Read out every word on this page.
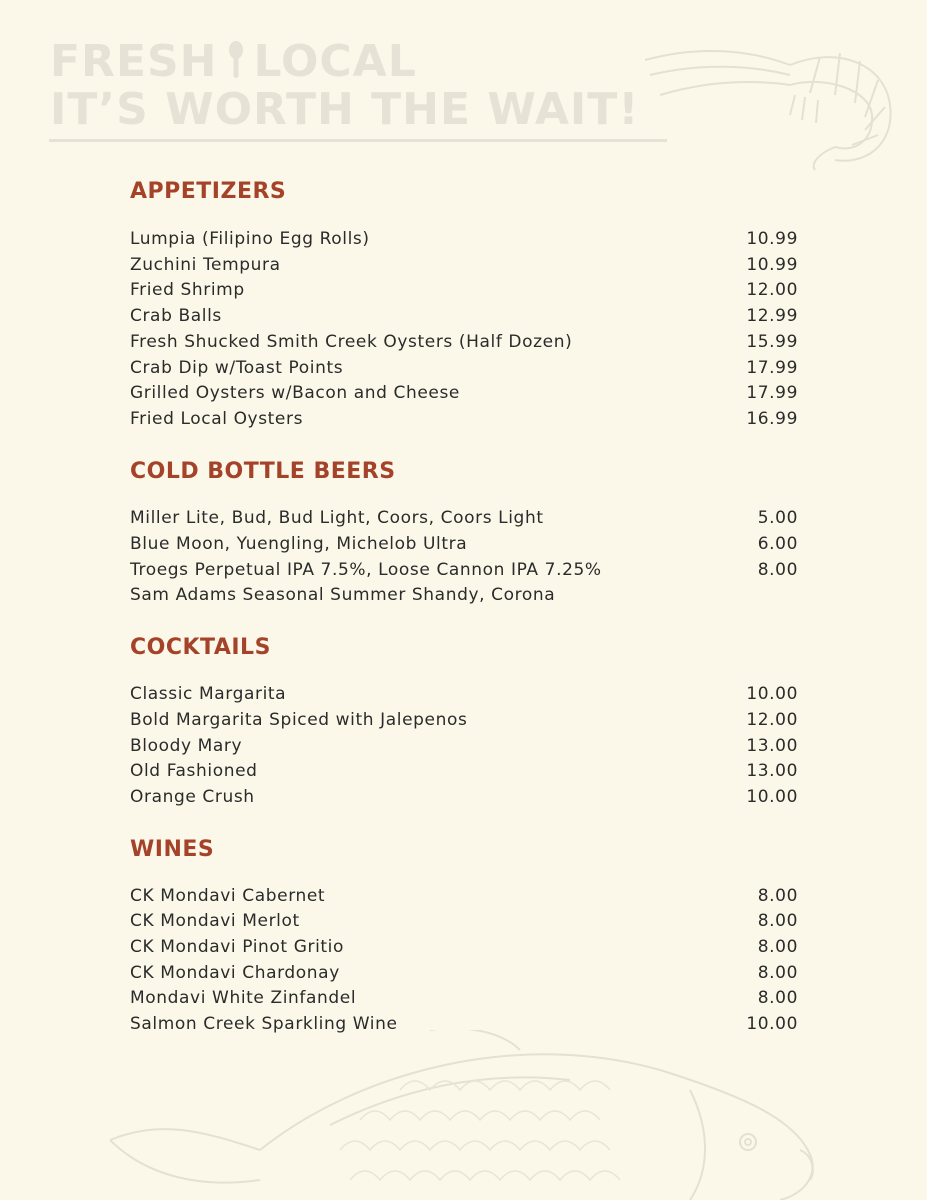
FRESH LOCAL
IT’S WORTH THE WAIT!
APPETIZERS
Lumpia (Filipino Egg Rolls)	10.99
Zuchini Tempura	10.99
Fried Shrimp	12.00
Crab Balls	12.99
Fresh Shucked Smith Creek Oysters (Half Dozen)	15.99
Crab Dip w/Toast Points	17.99
Grilled Oysters w/Bacon and Cheese	17.99
Fried Local Oysters	16.99
COLD BOTTLE BEERS
Miller Lite, Bud, Bud Light, Coors, Coors Light	5.00
Blue Moon, Yuengling, Michelob Ultra	6.00
Troegs Perpetual IPA 7.5%, Loose Cannon IPA 7.25%	8.00
Sam Adams Seasonal Summer Shandy, Corona
COCKTAILS
Classic Margarita	10.00
Bold Margarita Spiced with Jalepenos	12.00
Bloody Mary	13.00
Old Fashioned	13.00
Orange Crush	10.00
WINES
CK Mondavi Cabernet	8.00
CK Mondavi Merlot	8.00
CK Mondavi Pinot Gritio	8.00
CK Mondavi Chardonay	8.00
Mondavi White Zinfandel	8.00
Salmon Creek Sparkling Wine	10.00
